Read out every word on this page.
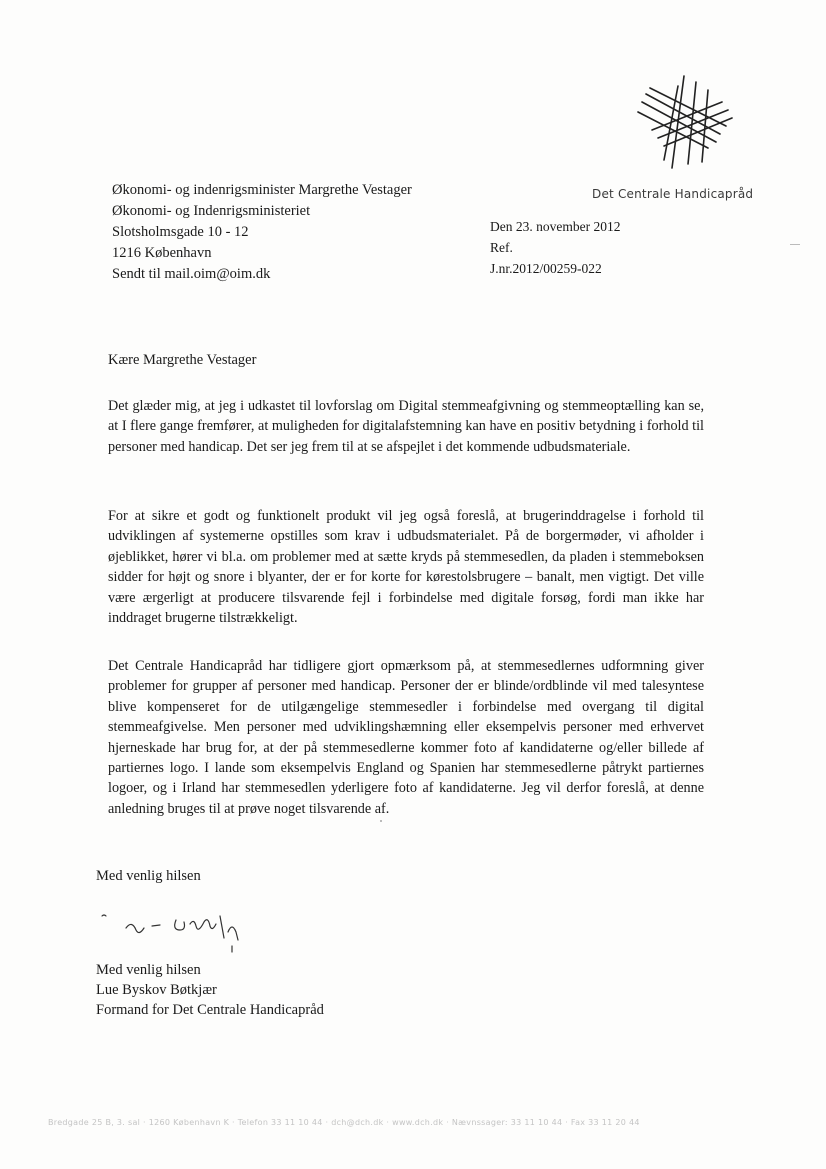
Det Centrale Handicapråd
Økonomi- og indenrigsminister Margrethe Vestager
Økonomi- og Indenrigsministeriet
Slotsholmsgade 10 - 12
1216 København
Sendt til mail.oim@oim.dk
Den 23. november 2012
Ref.
J.nr.2012/00259-022
Kære Margrethe Vestager
Det glæder mig, at jeg i udkastet til lovforslag om Digital stemmeafgivning og stemmeoptælling kan se, at I flere gange fremfører, at muligheden for digitalafstemning kan have en positiv betydning i forhold til personer med handicap. Det ser jeg frem til at se afspejlet i det kommende udbudsmateriale.
For at sikre et godt og funktionelt produkt vil jeg også foreslå, at brugerinddragelse i forhold til udviklingen af systemerne opstilles som krav i udbudsmaterialet. På de borgermøder, vi afholder i øjeblikket, hører vi bl.a. om problemer med at sætte kryds på stemmesedlen, da pladen i stemmeboksen sidder for højt og snore i blyanter, der er for korte for kørestolsbrugere – banalt, men vigtigt. Det ville være ærgerligt at producere tilsvarende fejl i forbindelse med digitale forsøg, fordi man ikke har inddraget brugerne tilstrækkeligt.
Det Centrale Handicapråd har tidligere gjort opmærksom på, at stemmesedlernes udformning giver problemer for grupper af personer med handicap. Personer der er blinde/ordblinde vil med talesyntese blive kompenseret for de utilgængelige stemmesedler i forbindelse med overgang til digital stemmeafgivelse. Men personer med udviklingshæmning eller eksempelvis personer med erhvervet hjerneskade har brug for, at der på stemmesedlerne kommer foto af kandidaterne og/eller billede af partiernes logo. I lande som eksempelvis England og Spanien har stemmesedlerne påtrykt partiernes logoer, og i Irland har stemmesedlen yderligere foto af kandidaterne. Jeg vil derfor foreslå, at denne anledning bruges til at prøve noget tilsvarende af.
Med venlig hilsen
Med venlig hilsen
Lue Byskov Bøtkjær
Formand for Det Centrale Handicapråd
Bredgade 25 B, 3. sal · 1260 København K · Telefon 33 11 10 44 · dch@dch.dk · www.dch.dk · Nævnssager: 33 11 10 44 · Fax 33 11 20 44
